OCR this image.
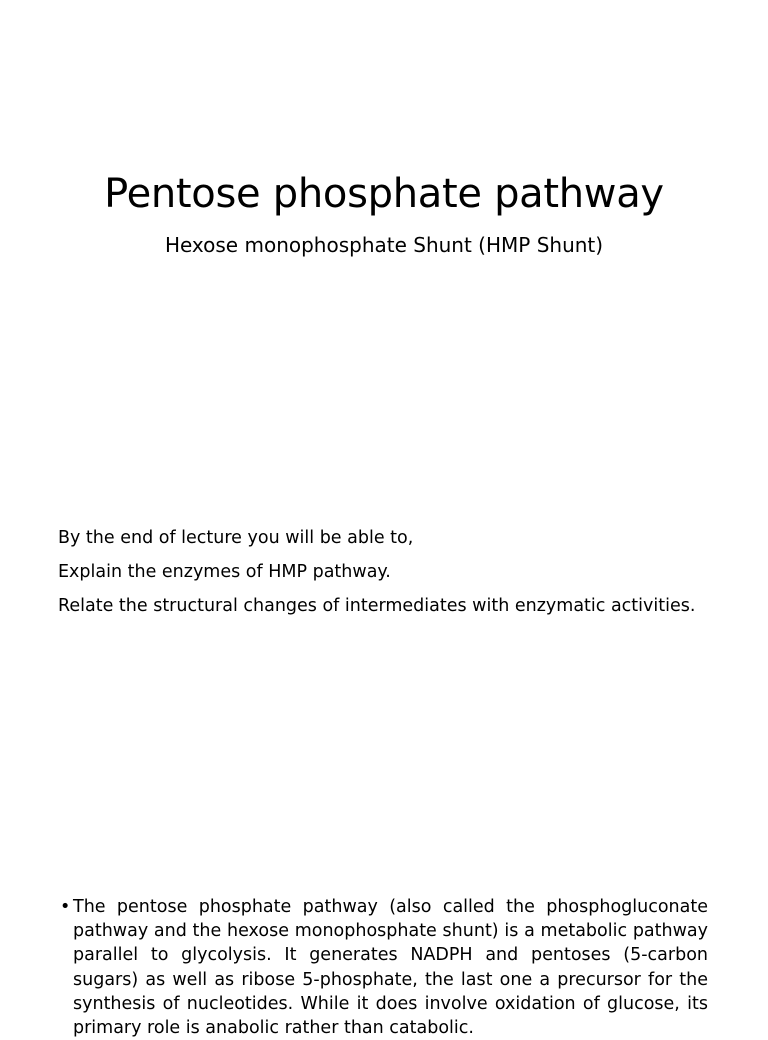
Pentose phosphate pathway
Hexose monophosphate Shunt (HMP Shunt)

By the end of lecture you will be able to,

Explain the enzymes of HMP pathway.

Relate the structural changes of intermediates with enzymatic activities.

• The pentose phosphate pathway (also called the phosphogluconate pathway and the hexose monophosphate shunt) is a metabolic pathway parallel to glycolysis. It generates NADPH and pentoses (5-carbon sugars) as well as ribose 5-phosphate, the last one a precursor for the synthesis of nucleotides. While it does involve oxidation of glucose, its primary role is anabolic rather than catabolic.
